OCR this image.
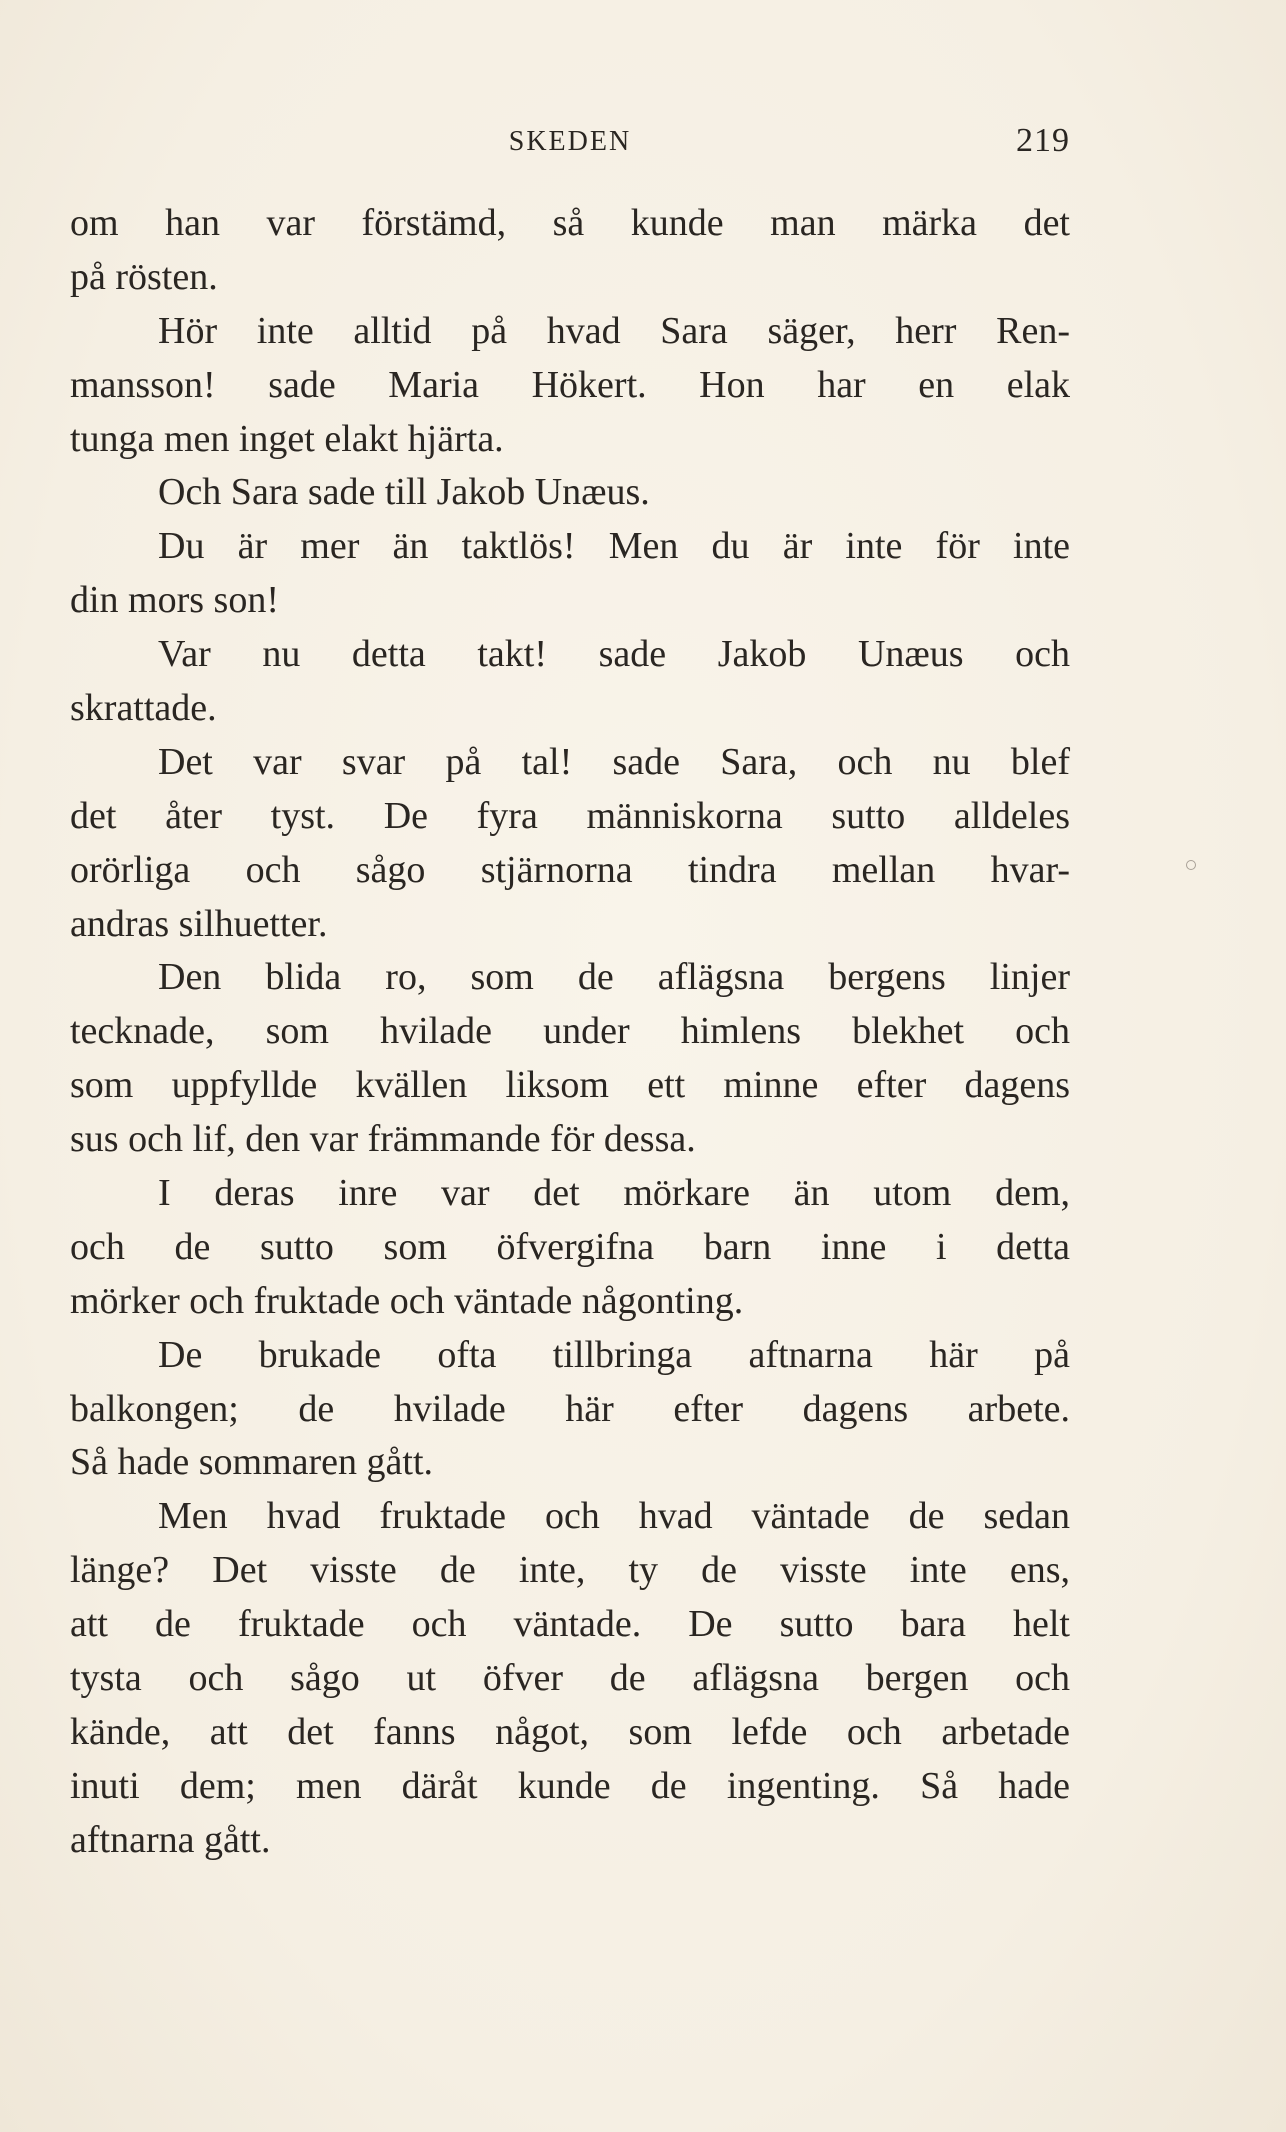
SKEDEN	219
om han var förstämd, så kunde man märka det
på rösten.
Hör inte alltid på hvad Sara säger, herr Ren-
mansson! sade Maria Hökert. Hon har en elak
tunga men inget elakt hjärta.
Och Sara sade till Jakob Unæus.
Du är mer än taktlös! Men du är inte för inte
din mors son!
Var nu detta takt! sade Jakob Unæus och
skrattade.
Det var svar på tal! sade Sara, och nu blef
det åter tyst. De fyra människorna sutto alldeles
orörliga och sågo stjärnorna tindra mellan hvar-
andras silhuetter.
Den blida ro, som de aflägsna bergens linjer
tecknade, som hvilade under himlens blekhet och
som uppfyllde kvällen liksom ett minne efter dagens
sus och lif, den var främmande för dessa.
I deras inre var det mörkare än utom dem,
och de sutto som öfvergifna barn inne i detta
mörker och fruktade och väntade någonting.
De brukade ofta tillbringa aftnarna här på
balkongen; de hvilade här efter dagens arbete.
Så hade sommaren gått.
Men hvad fruktade och hvad väntade de sedan
länge? Det visste de inte, ty de visste inte ens,
att de fruktade och väntade. De sutto bara helt
tysta och sågo ut öfver de aflägsna bergen och
kände, att det fanns något, som lefde och arbetade
inuti dem; men däråt kunde de ingenting. Så hade
aftnarna gått.
